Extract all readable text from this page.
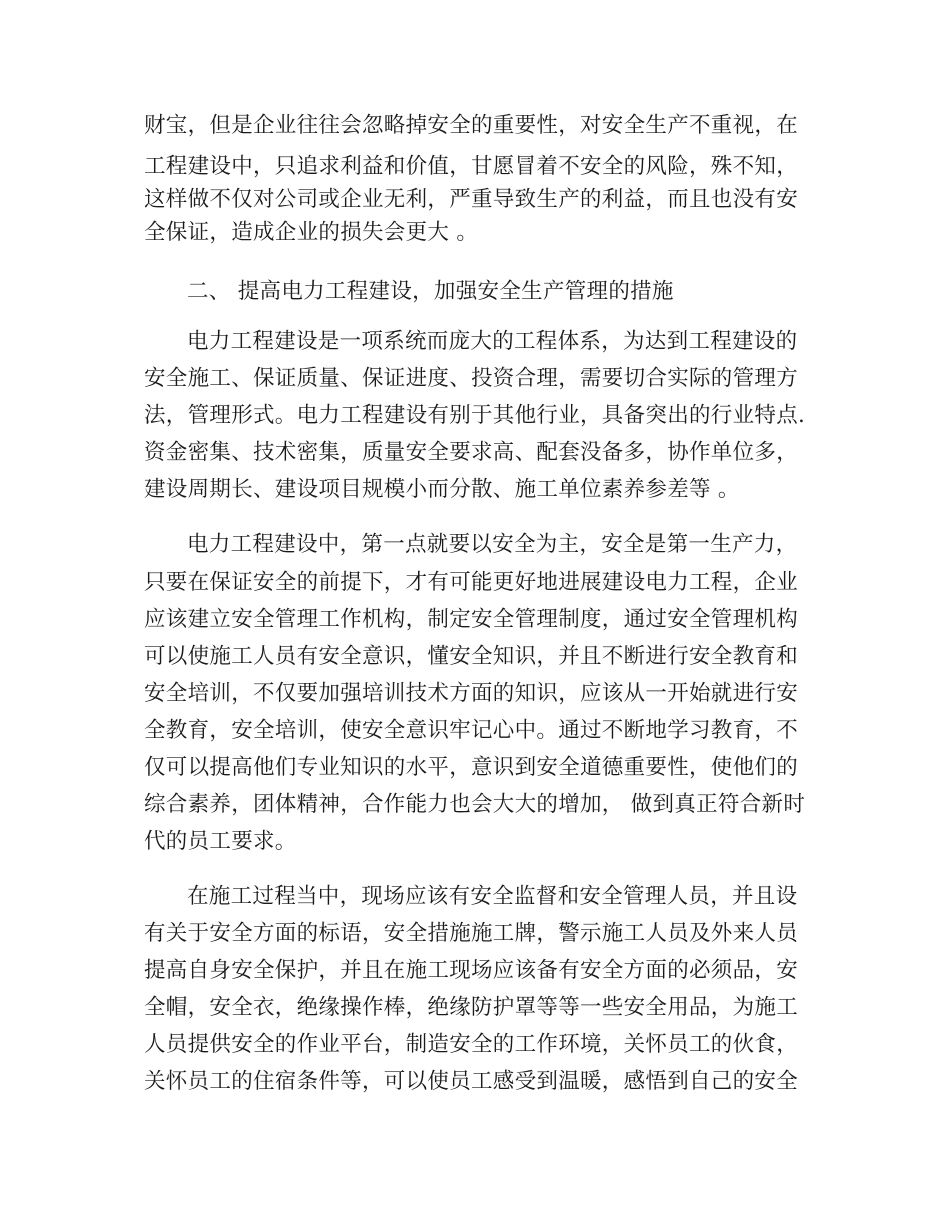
财宝，但是企业往往会忽略掉安全的重要性，对安全生产不重视，在
工程建设中，只追求利益和价值，甘愿冒着不安全的风险，殊不知，
这样做不仅对公司或企业无利，严重导致生产的利益，而且也没有安
全保证，造成企业的损失会更大 。
二、 提高电力工程建设，加强安全生产管理的措施
电力工程建设是一项系统而庞大的工程体系，为达到工程建设的
安全施工、保证质量、保证进度、投资合理，需要切合实际的管理方
法，管理形式。电力工程建设有别于其他行业，具备突出的行业特点.
资金密集、技术密集，质量安全要求高、配套没备多，协作单位多，
建设周期长、建设项目规模小而分散、施工单位素养参差等 。
电力工程建设中，第一点就要以安全为主，安全是第一生产力，
只要在保证安全的前提下，才有可能更好地进展建设电力工程，企业
应该建立安全管理工作机构，制定安全管理制度，通过安全管理机构
可以使施工人员有安全意识，懂安全知识，并且不断进行安全教育和
安全培训，不仅要加强培训技术方面的知识，应该从一开始就进行安
全教育，安全培训，使安全意识牢记心中。通过不断地学习教育，不
仅可以提高他们专业知识的水平，意识到安全道德重要性，使他们的
综合素养，团体精神，合作能力也会大大的增加， 做到真正符合新时
代的员工要求。
在施工过程当中，现场应该有安全监督和安全管理人员，并且设
有关于安全方面的标语，安全措施施工牌，警示施工人员及外来人员
提高自身安全保护，并且在施工现场应该备有安全方面的必须品，安
全帽，安全衣，绝缘操作棒，绝缘防护罩等等一些安全用品，为施工
人员提供安全的作业平台，制造安全的工作环境，关怀员工的伙食，
关怀员工的住宿条件等，可以使员工感受到温暖，感悟到自己的安全
